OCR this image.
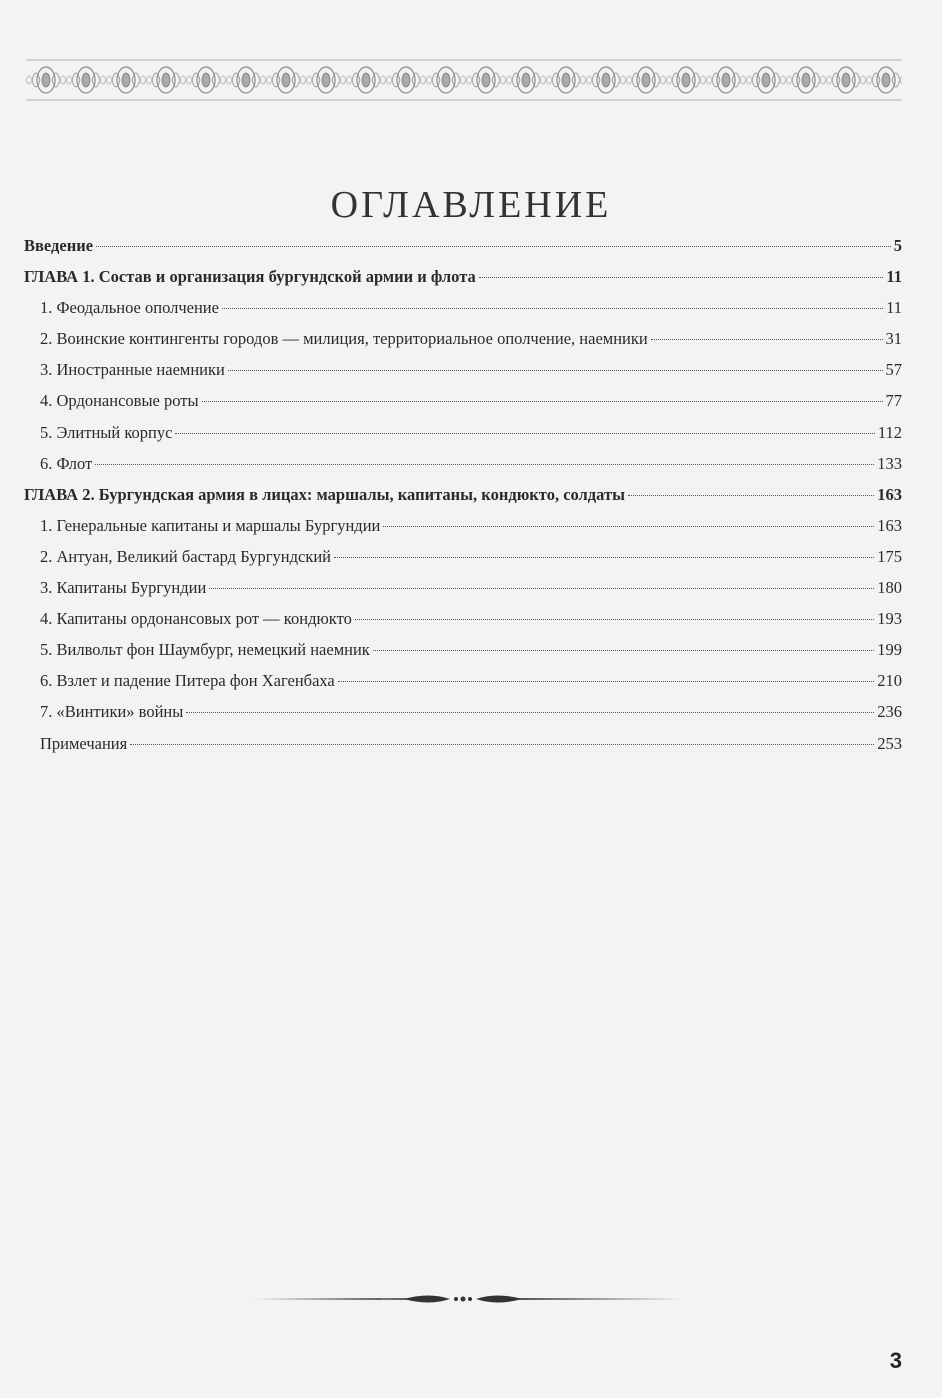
ОГЛАВЛЕНИЕ
Введение	5
ГЛАВА 1. Состав и организация бургундской армии и флота	11
1. Феодальное ополчение	11
2. Воинские контингенты городов — милиция, территориальное ополчение, наемники	31
3. Иностранные наемники	57
4. Ордонансовые роты	77
5. Элитный корпус	112
6. Флот	133
ГЛАВА 2. Бургундская армия в лицах: маршалы, капитаны, кондюкто, солдаты	163
1. Генеральные капитаны и маршалы Бургундии	163
2. Антуан, Великий бастард Бургундский	175
3. Капитаны Бургундии	180
4. Капитаны ордонансовых рот — кондюкто	193
5. Вилвольт фон Шаумбург, немецкий наемник	199
6. Взлет и падение Питера фон Хагенбаха	210
7. «Винтики» войны	236
Примечания	253
3
